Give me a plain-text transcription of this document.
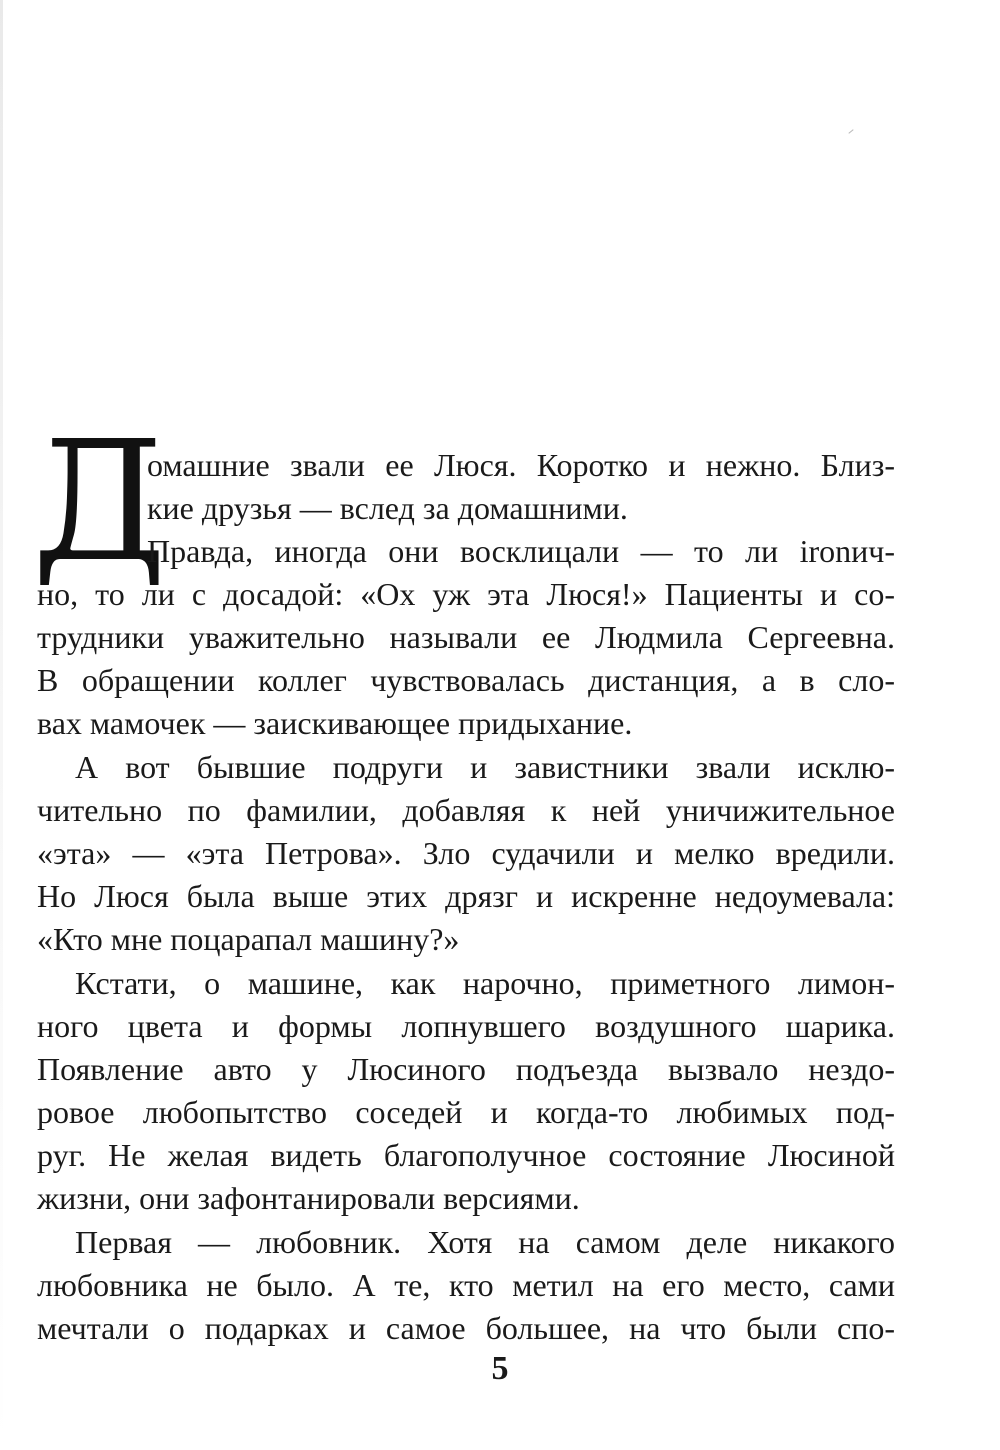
Д
омашние звали ее Люся. Коротко и нежно. Близ-
кие друзья — вслед за домашними.
Правда, иногда они восклицали — то ли ironич-
но, то ли с досадой: «Ох уж эта Люся!» Пациенты и со-
трудники уважительно называли ее Людмила Сергеевна.
В обращении коллег чувствовалась дистанция, а в сло-
вах мамочек — заискивающее придыхание.
А вот бывшие подруги и завистники звали исклю-
чительно по фамилии, добавляя к ней уничижительное
«эта» — «эта Петрова». Зло судачили и мелко вредили.
Но Люся была выше этих дрязг и искренне недоумевала:
«Кто мне поцарапал машину?»
Кстати, о машине, как нарочно, приметного лимон-
ного цвета и формы лопнувшего воздушного шарика.
Появление авто у Люсиного подъезда вызвало нездо-
ровое любопытство соседей и когда-то любимых под-
руг. Не желая видеть благополучное состояние Люсиной
жизни, они зафонтанировали версиями.
Первая — любовник. Хотя на самом деле никакого
любовника не было. А те, кто метил на его место, сами
мечтали о подарках и самое большее, на что были спо-
5
